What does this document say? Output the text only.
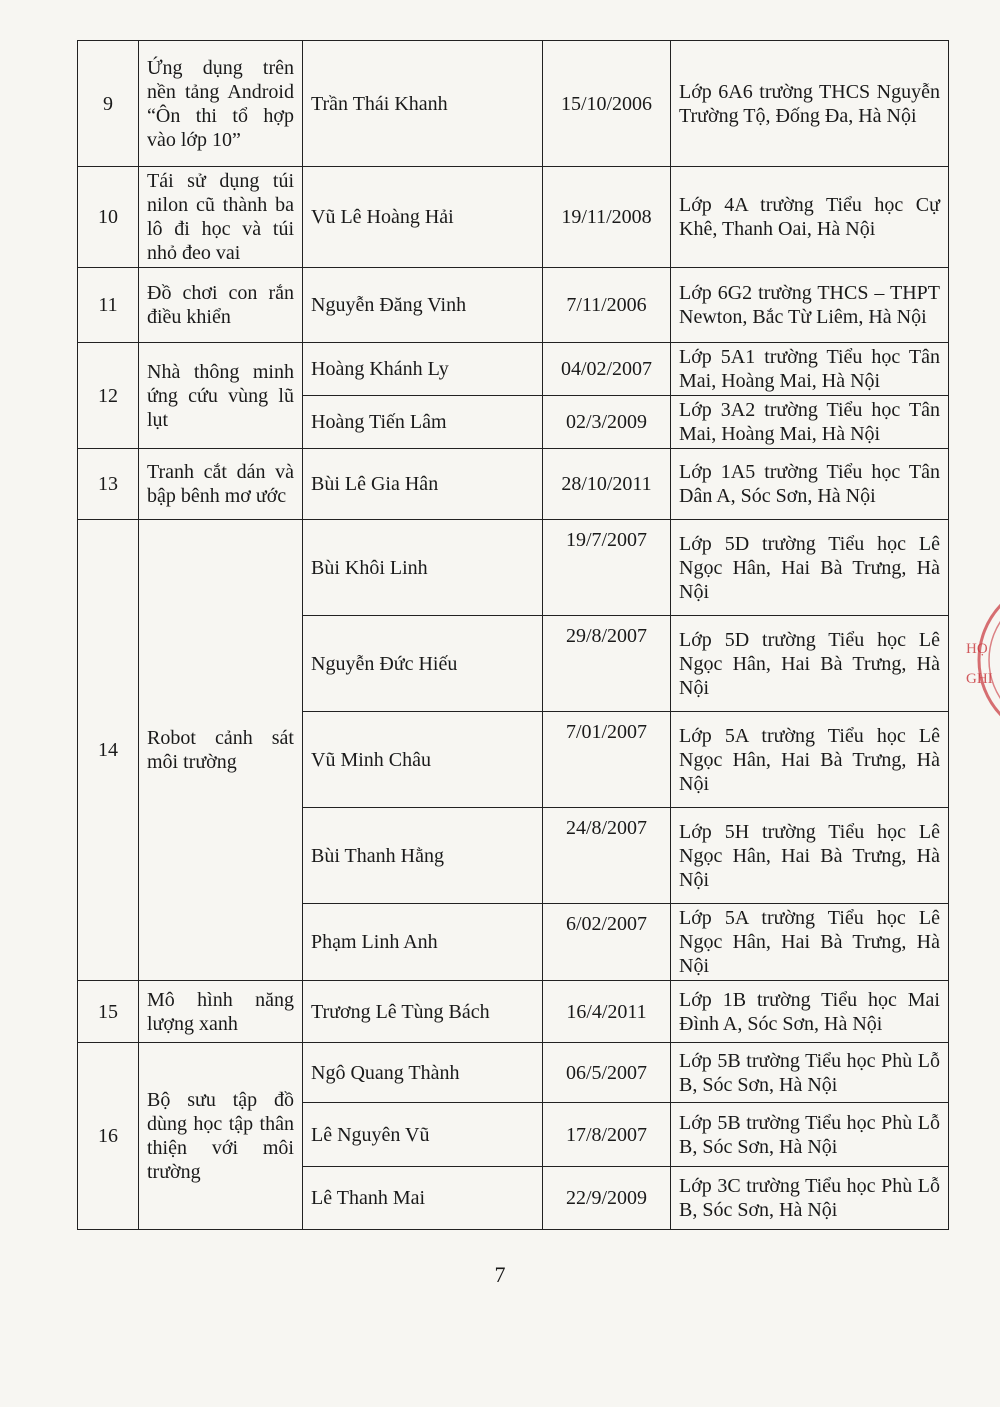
9	Ứng dụng trên nền tảng Android “Ôn thi tổ hợp vào lớp 10”	Trần Thái Khanh	15/10/2006	Lớp 6A6 trường THCS Nguyễn Trường Tộ, Đống Đa, Hà Nội
10	Tái sử dụng túi nilon cũ thành ba lô đi học và túi nhỏ đeo vai	Vũ Lê Hoàng Hải	19/11/2008	Lớp 4A trường Tiểu học Cự Khê, Thanh Oai, Hà Nội
11	Đồ chơi con rắn điều khiển	Nguyễn Đăng Vinh	7/11/2006	Lớp 6G2 trường THCS – THPT Newton, Bắc Từ Liêm, Hà Nội
12	Nhà thông minh ứng cứu vùng lũ lụt	Hoàng Khánh Ly	04/02/2007	Lớp 5A1 trường Tiểu học Tân Mai, Hoàng Mai, Hà Nội
		Hoàng Tiến Lâm	02/3/2009	Lớp 3A2 trường Tiểu học Tân Mai, Hoàng Mai, Hà Nội
13	Tranh cắt dán và bập bênh mơ ước	Bùi Lê Gia Hân	28/10/2011	Lớp 1A5 trường Tiểu học Tân Dân A, Sóc Sơn, Hà Nội
14	Robot cảnh sát môi trường	Bùi Khôi Linh	19/7/2007	Lớp 5D trường Tiểu học Lê Ngọc Hân, Hai Bà Trưng, Hà Nội
		Nguyễn Đức Hiếu	29/8/2007	Lớp 5D trường Tiểu học Lê Ngọc Hân, Hai Bà Trưng, Hà Nội
		Vũ Minh Châu	7/01/2007	Lớp 5A trường Tiểu học Lê Ngọc Hân, Hai Bà Trưng, Hà Nội
		Bùi Thanh Hằng	24/8/2007	Lớp 5H trường Tiểu học Lê Ngọc Hân, Hai Bà Trưng, Hà Nội
		Phạm Linh Anh	6/02/2007	Lớp 5A trường Tiểu học Lê Ngọc Hân, Hai Bà Trưng, Hà Nội
15	Mô hình năng lượng xanh	Trương Lê Tùng Bách	16/4/2011	Lớp 1B trường Tiểu học Mai Đình A, Sóc Sơn, Hà Nội
16	Bộ sưu tập đồ dùng học tập thân thiện với môi trường	Ngô Quang Thành	06/5/2007	Lớp 5B trường Tiểu học Phù Lỗ B, Sóc Sơn, Hà Nội
		Lê Nguyên Vũ	17/8/2007	Lớp 5B trường Tiểu học Phù Lỗ B, Sóc Sơn, Hà Nội
		Lê Thanh Mai	22/9/2009	Lớp 3C trường Tiểu học Phù Lỗ B, Sóc Sơn, Hà Nội
7
HỌ
GHI
